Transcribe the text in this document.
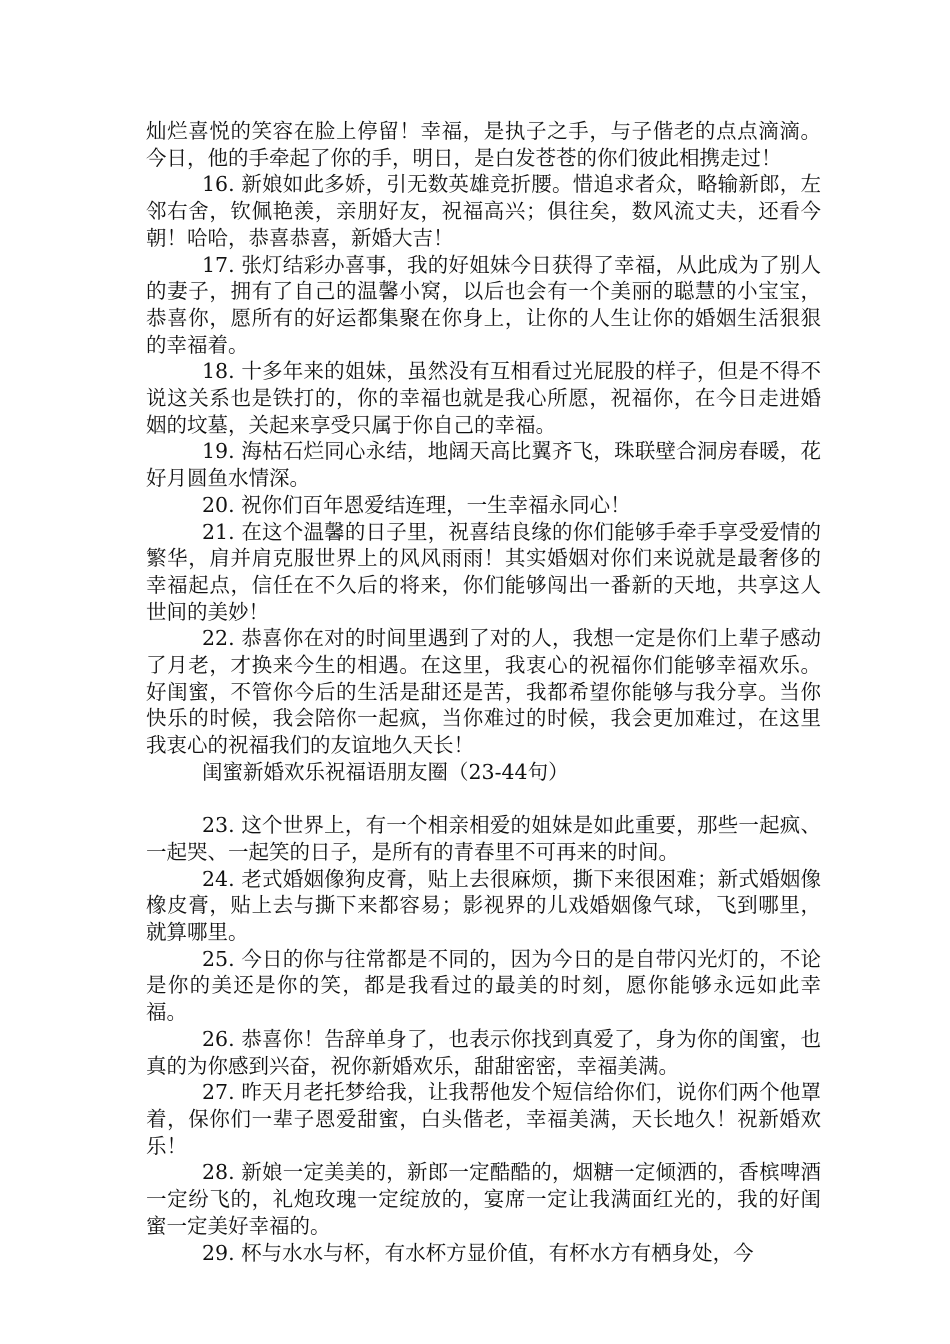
灿烂喜悦的笑容在脸上停留！幸福，是执子之手，与子偕老的点点滴滴。今日，他的手牵起了你的手，明日，是白发苍苍的你们彼此相携走过！

16. 新娘如此多娇，引无数英雄竞折腰。惜追求者众，略输新郎，左邻右舍，钦佩艳羡，亲朋好友，祝福高兴；俱往矣，数风流丈夫，还看今朝！哈哈，恭喜恭喜，新婚大吉！

17. 张灯结彩办喜事，我的好姐妹今日获得了幸福，从此成为了别人的妻子，拥有了自己的温馨小窝，以后也会有一个美丽的聪慧的小宝宝，恭喜你，愿所有的好运都集聚在你身上，让你的人生让你的婚姻生活狠狠的幸福着。

18. 十多年来的姐妹，虽然没有互相看过光屁股的样子，但是不得不说这关系也是铁打的，你的幸福也就是我心所愿，祝福你，在今日走进婚姻的坟墓，关起来享受只属于你自己的幸福。

19. 海枯石烂同心永结，地阔天高比翼齐飞，珠联壁合洞房春暖，花好月圆鱼水情深。

20. 祝你们百年恩爱结连理，一生幸福永同心！

21. 在这个温馨的日子里，祝喜结良缘的你们能够手牵手享受爱情的繁华，肩并肩克服世界上的风风雨雨！其实婚姻对你们来说就是最奢侈的幸福起点，信任在不久后的将来，你们能够闯出一番新的天地，共享这人世间的美妙！

22. 恭喜你在对的时间里遇到了对的人，我想一定是你们上辈子感动了月老，才换来今生的相遇。在这里，我衷心的祝福你们能够幸福欢乐。好闺蜜，不管你今后的生活是甜还是苦，我都希望你能够与我分享。当你快乐的时候，我会陪你一起疯，当你难过的时候，我会更加难过，在这里我衷心的祝福我们的友谊地久天长！

闺蜜新婚欢乐祝福语朋友圈（23-44句）

23. 这个世界上，有一个相亲相爱的姐妹是如此重要，那些一起疯、一起哭、一起笑的日子，是所有的青春里不可再来的时间。

24. 老式婚姻像狗皮膏，贴上去很麻烦，撕下来很困难；新式婚姻像橡皮膏，贴上去与撕下来都容易；影视界的儿戏婚姻像气球，飞到哪里，就算哪里。

25. 今日的你与往常都是不同的，因为今日的是自带闪光灯的，不论是你的美还是你的笑，都是我看过的最美的时刻，愿你能够永远如此幸福。

26. 恭喜你！告辞单身了，也表示你找到真爱了，身为你的闺蜜，也真的为你感到兴奋，祝你新婚欢乐，甜甜密密，幸福美满。

27. 昨天月老托梦给我，让我帮他发个短信给你们，说你们两个他罩着，保你们一辈子恩爱甜蜜，白头偕老，幸福美满，天长地久！祝新婚欢乐！

28. 新娘一定美美的，新郎一定酷酷的，烟糖一定倾洒的，香槟啤酒一定纷飞的，礼炮玫瑰一定绽放的，宴席一定让我满面红光的，我的好闺蜜一定美好幸福的。

29. 杯与水水与杯，有水杯方显价值，有杯水方有栖身处，今
